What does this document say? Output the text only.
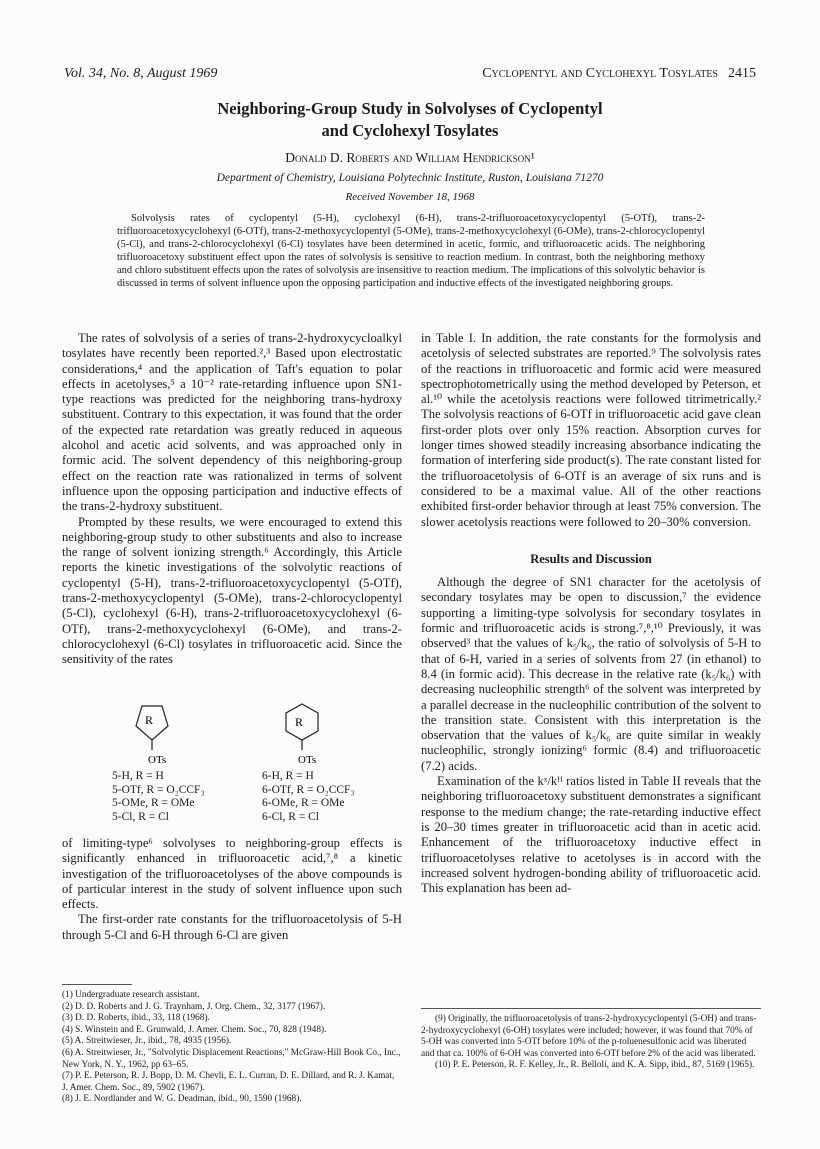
Vol. 34, No. 8, August 1969	Cyclopentyl and Cyclohexyl Tosylates 2415
Neighboring-Group Study in Solvolyses of Cyclopentyl
and Cyclohexyl Tosylates
Donald D. Roberts and William Hendrickson¹
Department of Chemistry, Louisiana Polytechnic Institute, Ruston, Louisiana 71270
Received November 18, 1968
Solvolysis rates of cyclopentyl (5-H), cyclohexyl (6-H), trans-2-trifluoroacetoxycyclopentyl (5-OTf), trans-2-trifluoroacetoxycyclohexyl (6-OTf), trans-2-methoxycyclopentyl (5-OMe), trans-2-methoxycyclohexyl (6-OMe), trans-2-chlorocyclopentyl (5-Cl), and trans-2-chlorocyclohexyl (6-Cl) tosylates have been determined in acetic, formic, and trifluoroacetic acids. The neighboring trifluoroacetoxy substituent effect upon the rates of solvolysis is sensitive to reaction medium. In contrast, both the neighboring methoxy and chloro substituent effects upon the rates of solvolysis are insensitive to reaction medium. The implications of this solvolytic behavior is discussed in terms of solvent influence upon the opposing participation and inductive effects of the investigated neighboring groups.

The rates of solvolysis of a series of trans-2-hydroxycycloalkyl tosylates have recently been reported.²,³ Based upon electrostatic considerations,⁴ and the application of Taft's equation to polar effects in acetolyses,⁵ a 10⁻² rate-retarding influence upon SN1-type reactions was predicted for the neighboring trans-hydroxy substituent. Contrary to this expectation, it was found that the order of the expected rate retardation was greatly reduced in aqueous alcohol and acetic acid solvents, and was approached only in formic acid. The solvent dependency of this neighboring-group effect on the reaction rate was rationalized in terms of solvent influence upon the opposing participation and inductive effects of the trans-2-hydroxy substituent.

Prompted by these results, we were encouraged to extend this neighboring-group study to other substituents and also to increase the range of solvent ionizing strength.⁶ Accordingly, this Article reports the kinetic investigations of the solvolytic reactions of cyclopentyl (5-H), trans-2-trifluoroacetoxycyclopentyl (5-OTf), trans-2-methoxycyclopentyl (5-OMe), trans-2-chlorocyclopentyl (5-Cl), cyclohexyl (6-H), trans-2-trifluoroacetoxycyclohexyl (6-OTf), trans-2-methoxycyclohexyl (6-OMe), and trans-2-chlorocyclohexyl (6-Cl) tosylates in trifluoroacetic acid. Since the sensitivity of the rates

R
OTs
5-H, R = H
5-OTf, R = O₂CCF₃
5-OMe, R = OMe
5-Cl, R = Cl
R
OTs
6-H, R = H
6-OTf, R = O₂CCF₃
6-OMe, R = OMe
6-Cl, R = Cl

of limiting-type⁶ solvolyses to neighboring-group effects is significantly enhanced in trifluoroacetic acid,⁷,⁸ a kinetic investigation of the trifluoroacetolyses of the above compounds is of particular interest in the study of solvent influence upon such effects.

The first-order rate constants for the trifluoroacetolysis of 5-H through 5-Cl and 6-H through 6-Cl are given

(1) Undergraduate research assistant.
(2) D. D. Roberts and J. G. Traynham, J. Org. Chem., 32, 3177 (1967).
(3) D. D. Roberts, ibid., 33, 118 (1968).
(4) S. Winstein and E. Grunwald, J. Amer. Chem. Soc., 70, 828 (1948).
(5) A. Streitwieser, Jr., ibid., 78, 4935 (1956).
(6) A. Streitwieser, Jr., "Solvolytic Displacement Reactions," McGraw-Hill Book Co., Inc., New York, N. Y., 1962, pp 63–65.
(7) P. E. Peterson, R. J. Bopp, D. M. Chevli, E. L. Curran, D. E. Dillard, and R. J. Kamat, J. Amer. Chem. Soc., 89, 5902 (1967).
(8) J. E. Nordlander and W. G. Deadman, ibid., 90, 1590 (1968).

in Table I. In addition, the rate constants for the formolysis and acetolysis of selected substrates are reported.⁹ The solvolysis rates of the reactions in trifluoroacetic and formic acid were measured spectrophotometrically using the method developed by Peterson, et al.¹⁰ while the acetolysis reactions were followed titrimetrically.² The solvolysis reactions of 6-OTf in trifluoroacetic acid gave clean first-order plots over only 15% reaction. Absorption curves for longer times showed steadily increasing absorbance indicating the formation of interfering side product(s). The rate constant listed for the trifluoroacetolysis of 6-OTf is an average of six runs and is considered to be a maximal value. All of the other reactions exhibited first-order behavior through at least 75% conversion. The slower acetolysis reactions were followed to 20–30% conversion.

Results and Discussion

Although the degree of SN1 character for the acetolysis of secondary tosylates may be open to discussion,⁷ the evidence supporting a limiting-type solvolysis for secondary tosylates in formic and trifluoroacetic acids is strong.⁷,⁸,¹⁰ Previously, it was observed³ that the values of k₅/k₆, the ratio of solvolysis of 5-H to that of 6-H, varied in a series of solvents from 27 (in ethanol) to 8.4 (in formic acid). This decrease in the relative rate (k₅/k₆) with decreasing nucleophilic strength⁶ of the solvent was interpreted by a parallel decrease in the nucleophilic contribution of the solvent to the transition state. Consistent with this interpretation is the observation that the values of k₅/k₆ are quite similar in weakly nucleophilic, strongly ionizing⁶ formic (8.4) and trifluoroacetic (7.2) acids.

Examination of the kˣ/kᴴ ratios listed in Table II reveals that the neighboring trifluoroacetoxy substituent demonstrates a significant response to the medium change; the rate-retarding inductive effect is 20–30 times greater in trifluoroacetic acid than in acetic acid. Enhancement of the trifluoroacetoxy inductive effect in trifluoroacetolyses relative to acetolyses is in accord with the increased solvent hydrogen-bonding ability of trifluoroacetic acid. This explanation has been ad-

(9) Originally, the trifluoroacetolysis of trans-2-hydroxycyclopentyl (5-OH) and trans-2-hydroxycyclohexyl (6-OH) tosylates were included; however, it was found that 70% of 5-OH was converted into 5-OTf before 10% of the p-toluenesulfonic acid was liberated and that ca. 100% of 6-OH was converted into 6-OTf before 2% of the acid was liberated.
(10) P. E. Peterson, R. F. Kelley, Jr., R. Belloli, and K. A. Sipp, ibid., 87, 5169 (1965).
